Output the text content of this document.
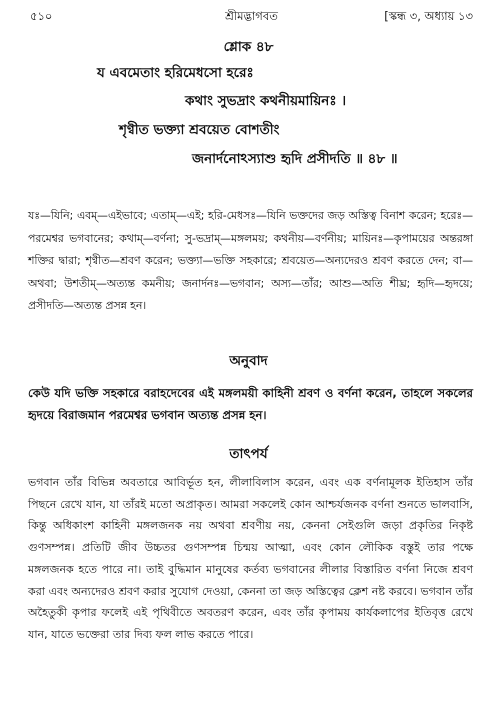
৫১০	শ্রীমদ্ভাগবত	[স্কন্ধ ৩, অধ্যায় ১৩
শ্লোক ৪৮
য এবমেতাং হরিমেধসো হরেঃ
কথাং সুভদ্রাং কথনীয়মায়িনঃ ।
শৃণ্বীত ভক্ত্যা শ্রবয়েত বোশতীং
জনার্দনোঽস্যাশু হৃদি প্রসীদতি ॥ ৪৮ ॥
যঃ—যিনি; এবম্—এইভাবে; এতাম্—এই; হরি-মেধসঃ—যিনি ভক্তদের জড় অস্তিত্ব বিনাশ করেন; হরেঃ—পরমেশ্বর ভগবানের; কথাম্—বর্ণনা; সু-ভদ্রাম্—মঙ্গলময়; কথনীয়—বর্ণনীয়; মায়িনঃ—কৃপাময়ের অন্তরঙ্গা শক্তির দ্বারা; শৃণ্বীত—শ্রবণ করেন; ভক্ত্যা—ভক্তি সহকারে; শ্রবয়েত—অন্যদেরও শ্রবণ করতে দেন; বা—অথবা; উশতীম্—অত্যন্ত কমনীয়; জনার্দনঃ—ভগবান; অস্য—তাঁর; আশু—অতি শীঘ্র; হৃদি—হৃদয়ে; প্রসীদতি—অত্যন্ত প্রসন্ন হন।
অনুবাদ
কেউ যদি ভক্তি সহকারে বরাহদেবের এই মঙ্গলময়ী কাহিনী শ্রবণ ও বর্ণনা করেন, তাহলে সকলের হৃদয়ে বিরাজমান পরমেশ্বর ভগবান অত্যন্ত প্রসন্ন হন।
তাৎপর্য
ভগবান তাঁর বিভিন্ন অবতারে আবির্ভূত হন, লীলাবিলাস করেন, এবং এক বর্ণনামূলক ইতিহাস তাঁর পিছনে রেখে যান, যা তাঁরই মতো অপ্রাকৃত। আমরা সকলেই কোন আশ্চর্যজনক বর্ণনা শুনতে ভালবাসি, কিন্তু অধিকাংশ কাহিনী মঙ্গলজনক নয় অথবা শ্রবণীয় নয়, কেননা সেইগুলি জড়া প্রকৃতির নিকৃষ্ট গুণসম্পন্ন। প্রতিটি জীব উচ্চতর গুণসম্পন্ন চিন্ময় আত্মা, এবং কোন লৌকিক বস্তুই তার পক্ষে মঙ্গলজনক হতে পারে না। তাই বুদ্ধিমান মানুষের কর্তব্য ভগবানের লীলার বিস্তারিত বর্ণনা নিজে শ্রবণ করা এবং অন্যদেরও শ্রবণ করার সুযোগ দেওয়া, কেননা তা জড় অস্তিত্বের ক্লেশ নষ্ট করবে। ভগবান তাঁর অহৈতুকী কৃপার ফলেই এই পৃথিবীতে অবতরণ করেন, এবং তাঁর কৃপাময় কার্যকলাপের ইতিবৃত্ত রেখে যান, যাতে ভক্তেরা তার দিব্য ফল লাভ করতে পারে।
